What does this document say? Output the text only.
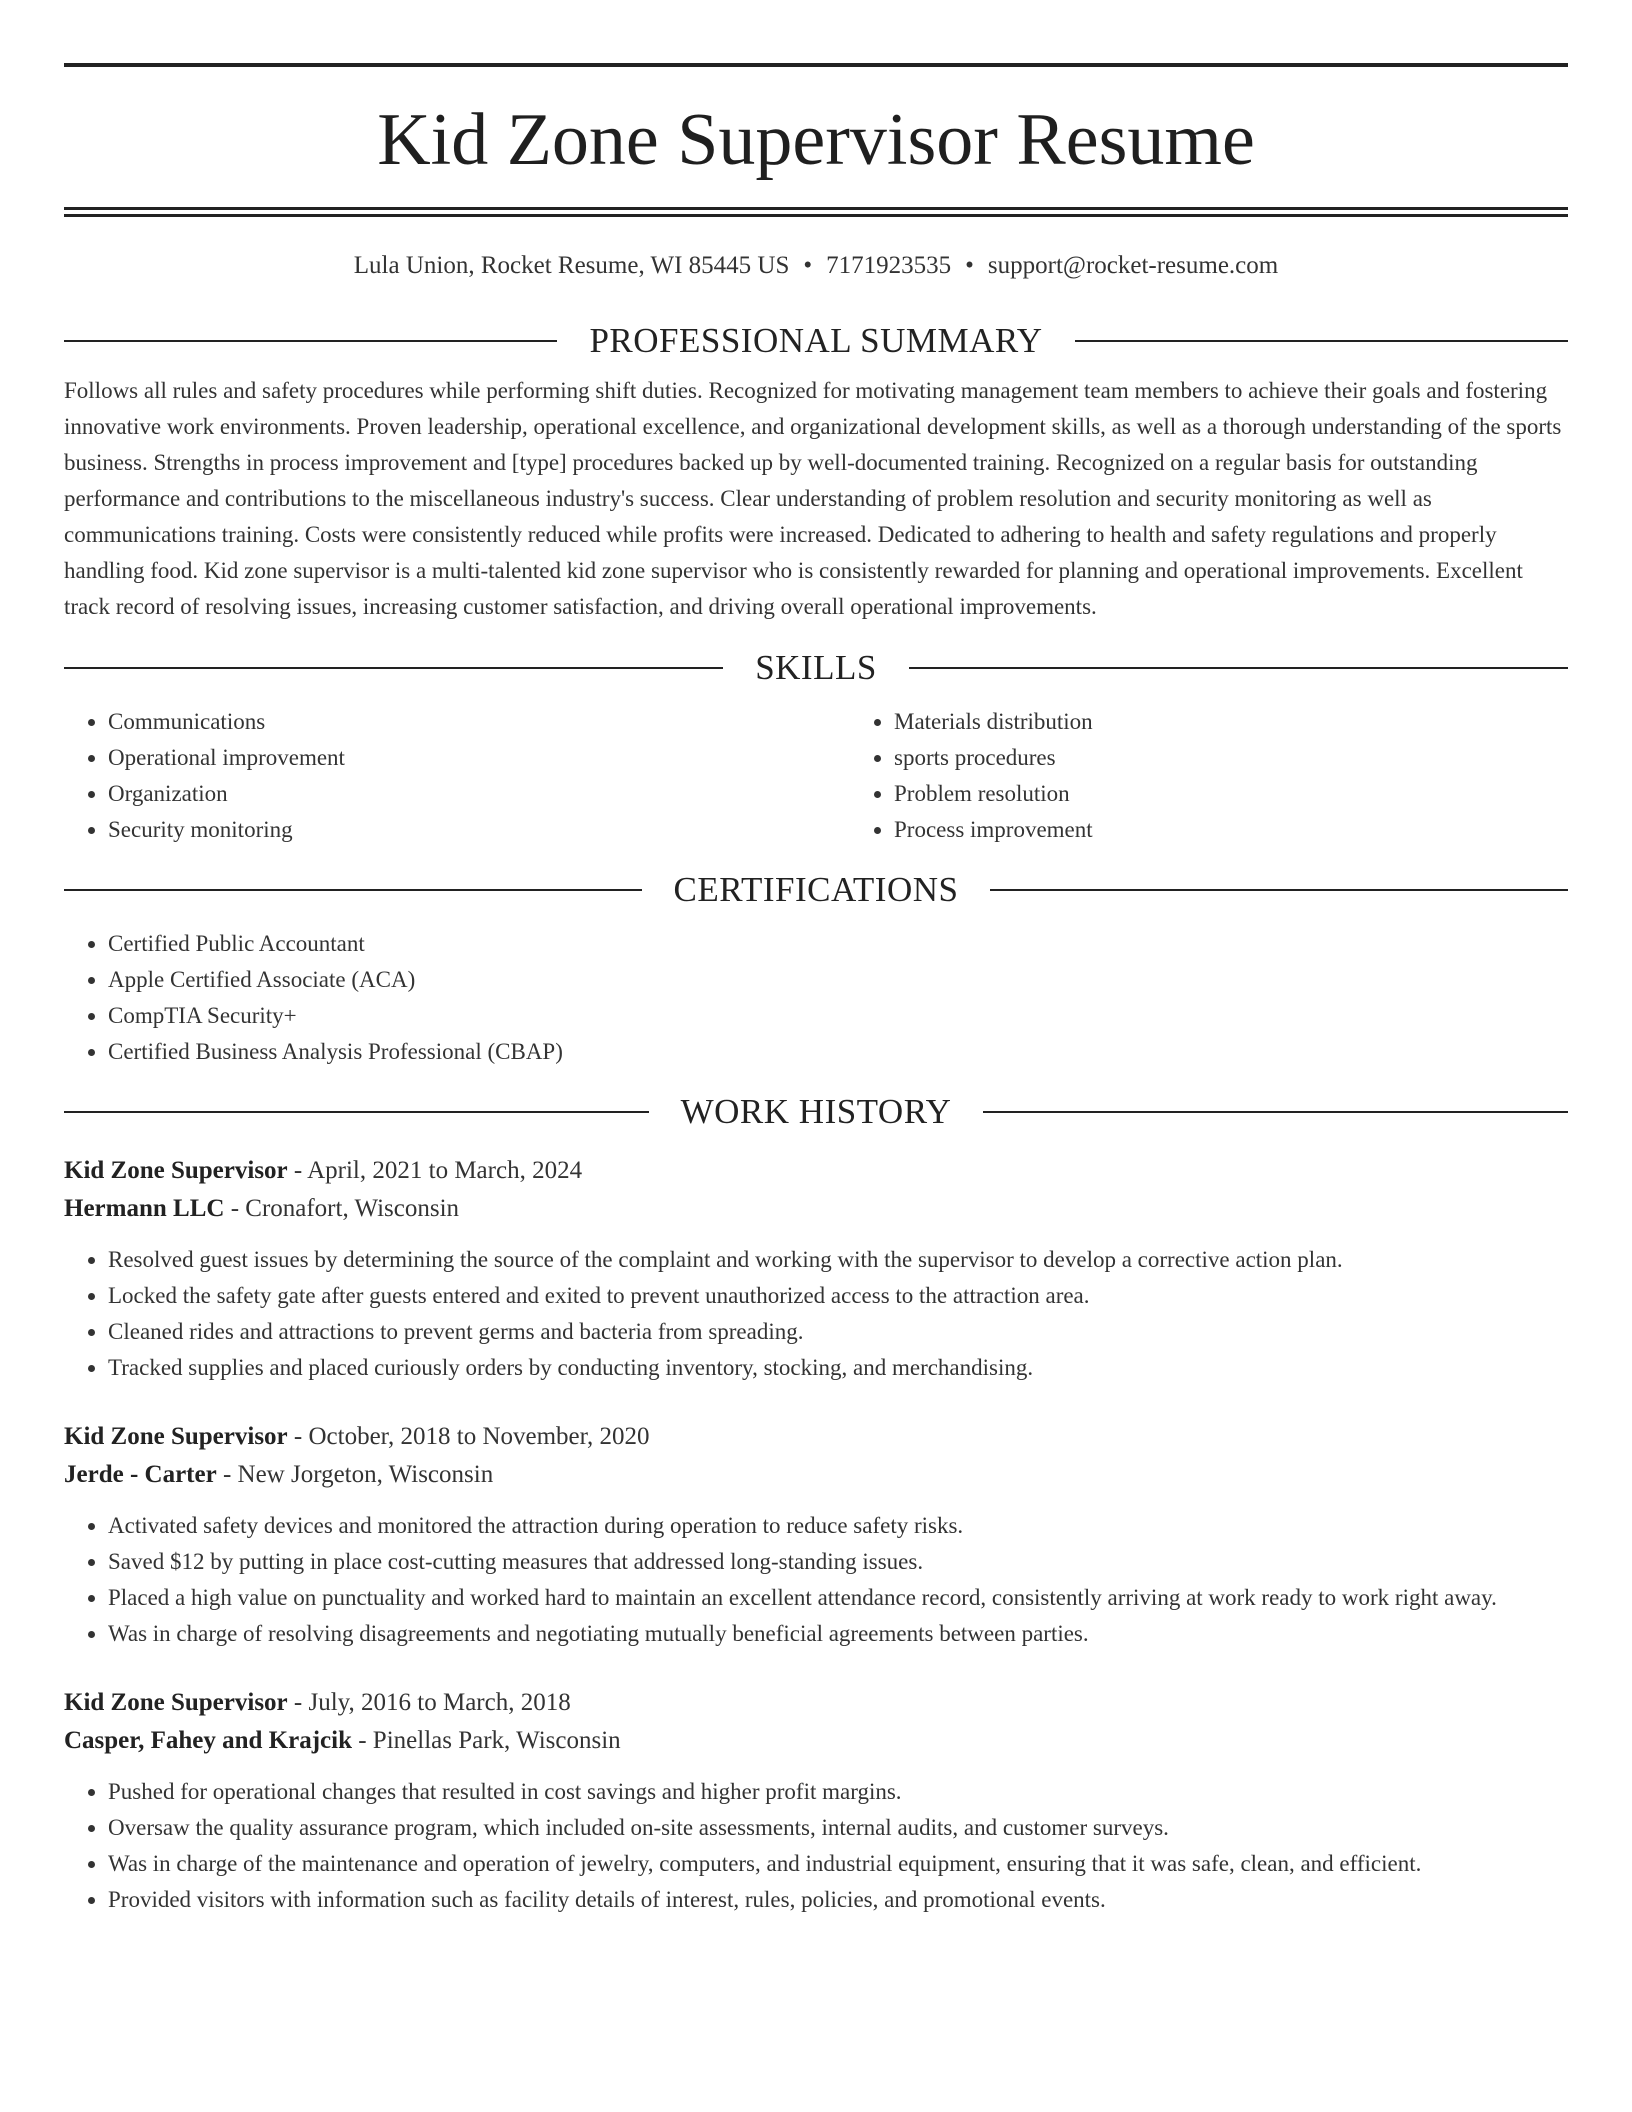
Kid Zone Supervisor Resume
Lula Union, Rocket Resume, WI 85445 US • 7171923535 • support@rocket-resume.com
PROFESSIONAL SUMMARY

Follows all rules and safety procedures while performing shift duties. Recognized for motivating management team members to achieve their goals and fostering innovative work environments. Proven leadership, operational excellence, and organizational development skills, as well as a thorough understanding of the sports business. Strengths in process improvement and [type] procedures backed up by well-documented training. Recognized on a regular basis for outstanding performance and contributions to the miscellaneous industry's success. Clear understanding of problem resolution and security monitoring as well as communications training. Costs were consistently reduced while profits were increased. Dedicated to adhering to health and safety regulations and properly handling food. Kid zone supervisor is a multi-talented kid zone supervisor who is consistently rewarded for planning and operational improvements. Excellent track record of resolving issues, increasing customer satisfaction, and driving overall operational improvements.

SKILLS
• Communications
• Operational improvement
• Organization
• Security monitoring
• Materials distribution
• sports procedures
• Problem resolution
• Process improvement
CERTIFICATIONS
• Certified Public Accountant
• Apple Certified Associate (ACA)
• CompTIA Security+
• Certified Business Analysis Professional (CBAP)
WORK HISTORY
Kid Zone Supervisor - April, 2021 to March, 2024
Hermann LLC - Cronafort, Wisconsin
• Resolved guest issues by determining the source of the complaint and working with the supervisor to develop a corrective action plan.
• Locked the safety gate after guests entered and exited to prevent unauthorized access to the attraction area.
• Cleaned rides and attractions to prevent germs and bacteria from spreading.
• Tracked supplies and placed curiously orders by conducting inventory, stocking, and merchandising.
Kid Zone Supervisor - October, 2018 to November, 2020
Jerde - Carter - New Jorgeton, Wisconsin
• Activated safety devices and monitored the attraction during operation to reduce safety risks.
• Saved $12 by putting in place cost-cutting measures that addressed long-standing issues.
• Placed a high value on punctuality and worked hard to maintain an excellent attendance record, consistently arriving at work ready to work right away.
• Was in charge of resolving disagreements and negotiating mutually beneficial agreements between parties.
Kid Zone Supervisor - July, 2016 to March, 2018
Casper, Fahey and Krajcik - Pinellas Park, Wisconsin
• Pushed for operational changes that resulted in cost savings and higher profit margins.
• Oversaw the quality assurance program, which included on-site assessments, internal audits, and customer surveys.
• Was in charge of the maintenance and operation of jewelry, computers, and industrial equipment, ensuring that it was safe, clean, and efficient.
• Provided visitors with information such as facility details of interest, rules, policies, and promotional events.
